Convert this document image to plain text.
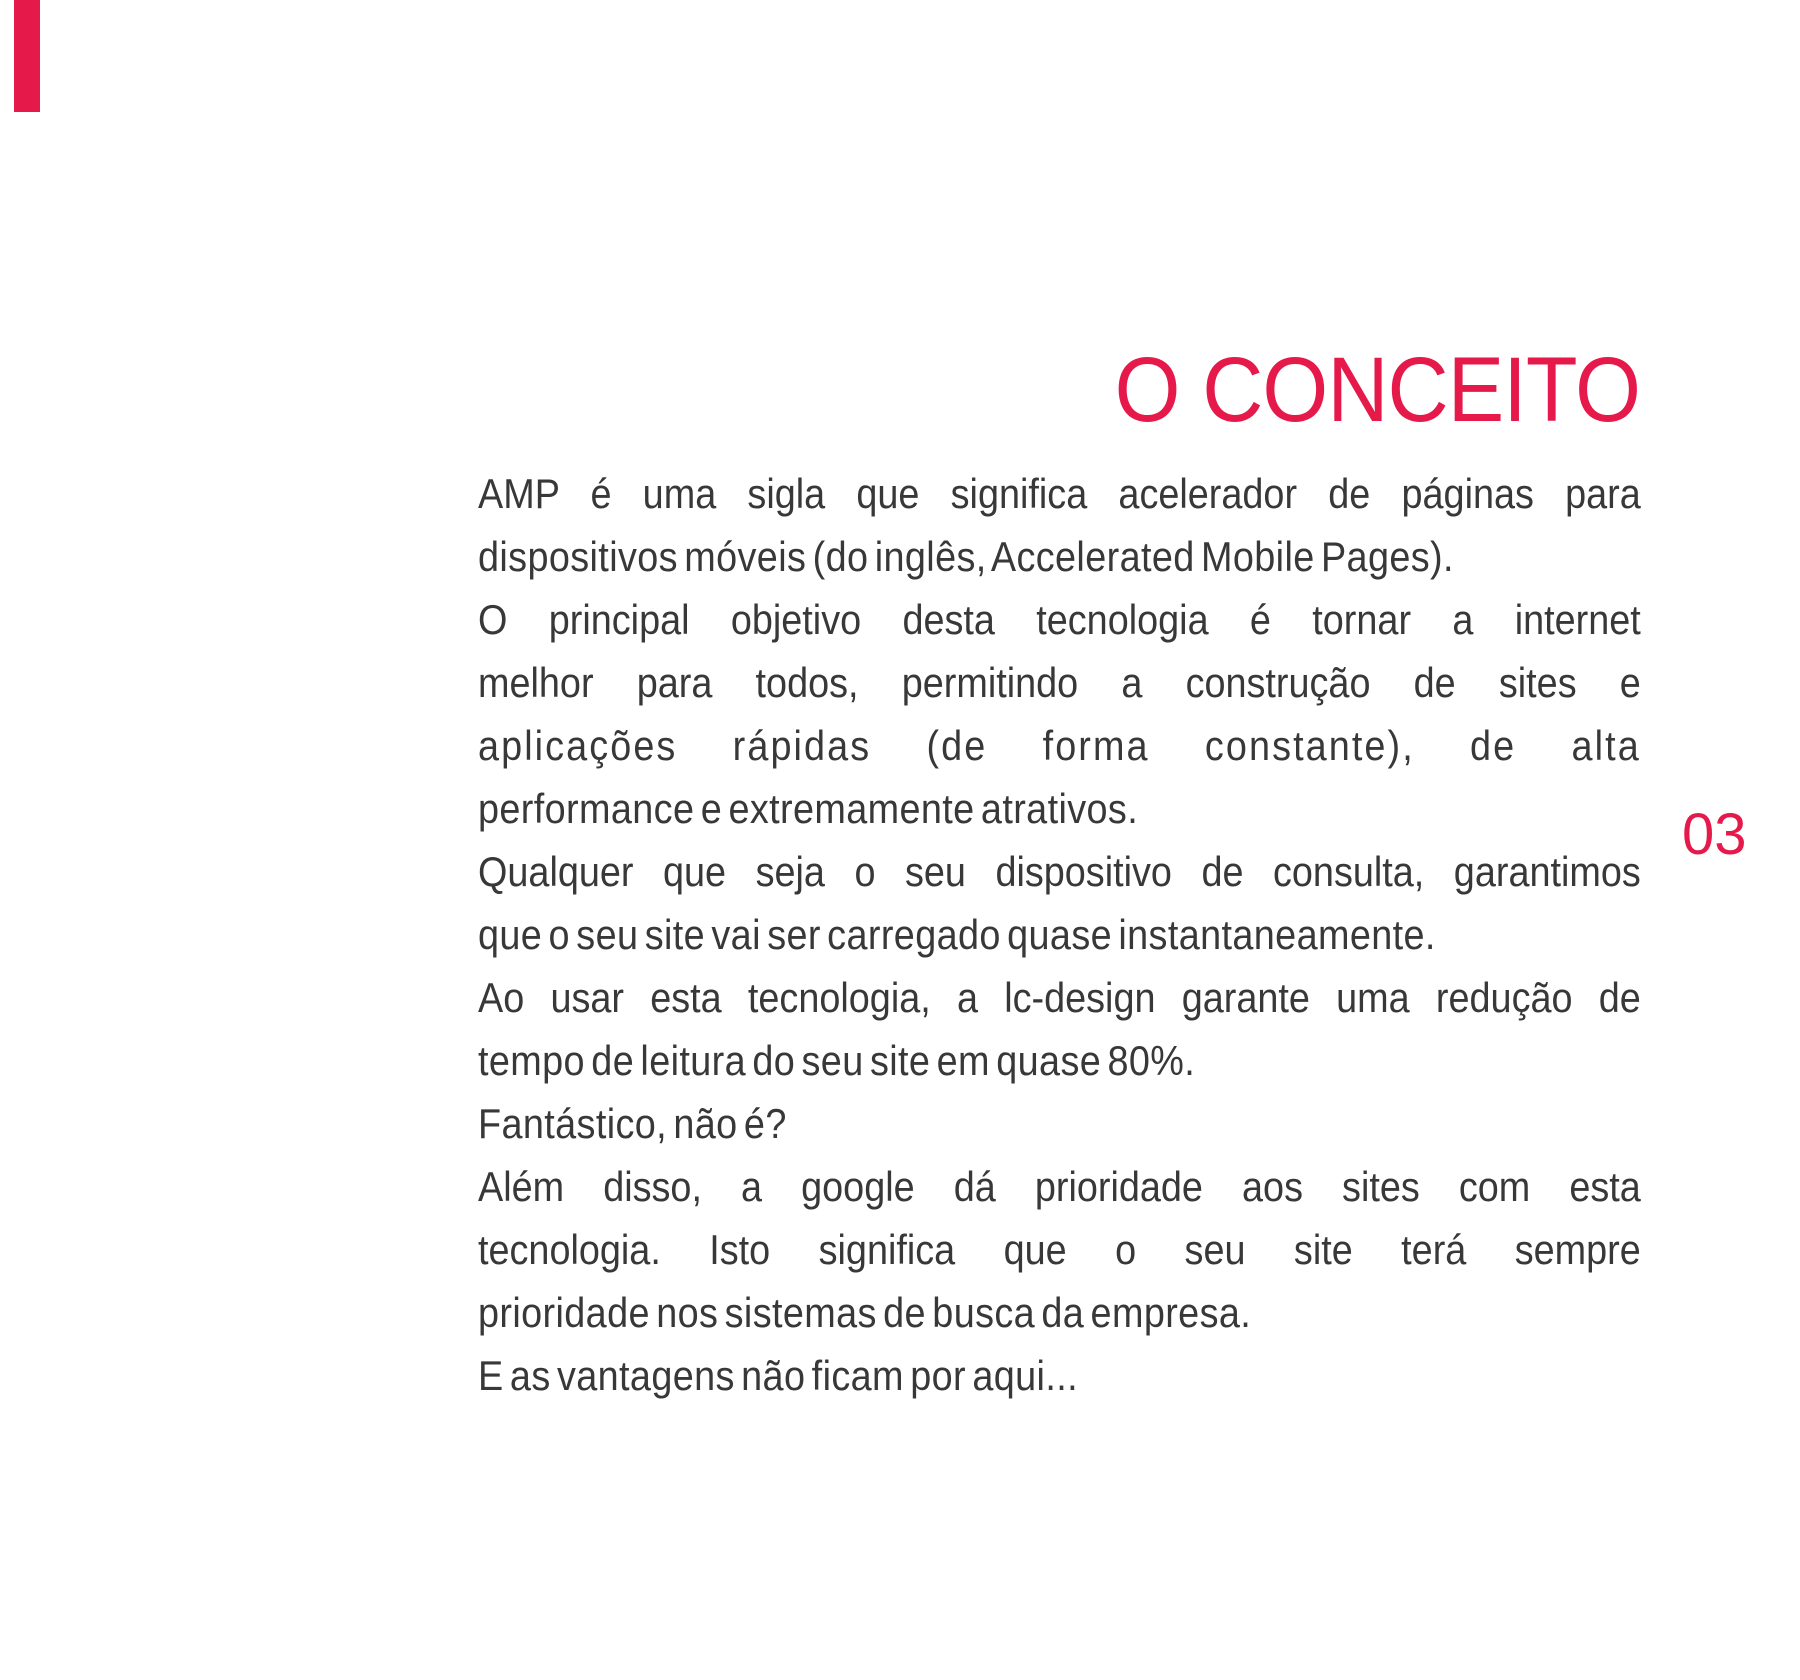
O CONCEITO
AMP é uma sigla que significa acelerador de páginas para
dispositivos móveis (do inglês, Accelerated Mobile Pages).
O principal objetivo desta tecnologia é tornar a internet
melhor para todos, permitindo a construção de sites e
aplicações rápidas (de forma constante), de alta
performance e extremamente atrativos.
Qualquer que seja o seu dispositivo de consulta, garantimos
que o seu site vai ser carregado quase instantaneamente.
Ao usar esta tecnologia, a lc-design garante uma redução de
tempo de leitura do seu site em quase 80%.
Fantástico, não é?
Além disso, a google dá prioridade aos sites com esta
tecnologia. Isto significa que o seu site terá sempre
prioridade nos sistemas de busca da empresa.
E as vantagens não ficam por aqui...
03
